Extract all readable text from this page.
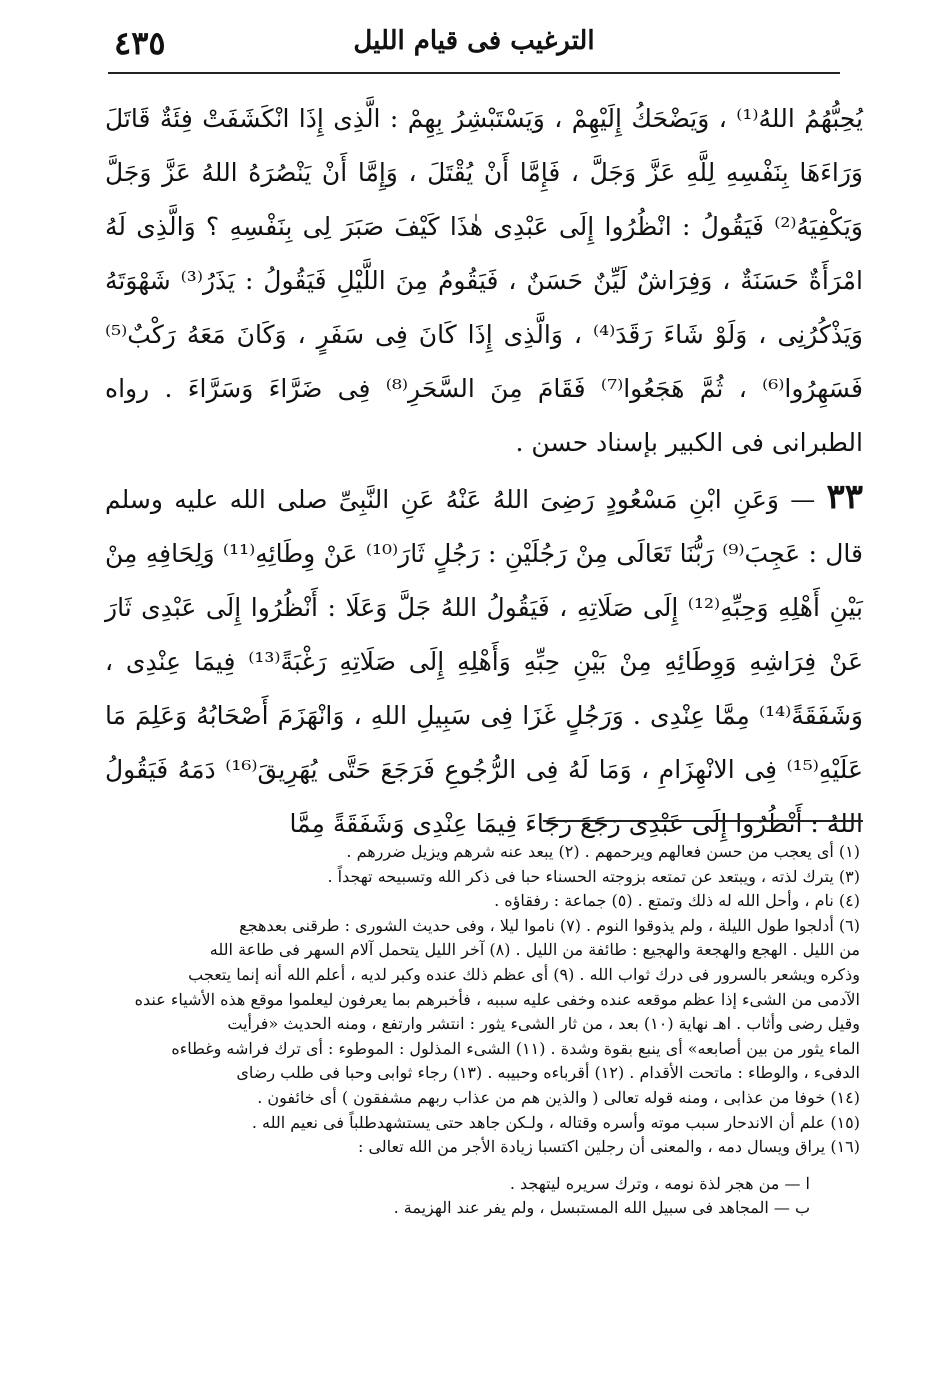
٤٣٥	الترغيب فى قيام الليل

يُحِبُّهُمُ اللهُ⁽¹⁾ ، وَيَضْحَكُ إِلَيْهِمْ ، وَيَسْتَبْشِرُ بِهِمْ : الَّذِى إِذَا انْكَشَفَتْ فِئَةٌ قَاتَلَ وَرَاءَهَا بِنَفْسِهِ لِلَّهِ عَزَّ وَجَلَّ ، فَإِمَّا أَنْ يُقْتَلَ ، وَإِمَّا أَنْ يَنْصُرَهُ اللهُ عَزَّ وَجَلَّ وَيَكْفِيَهُ⁽²⁾ فَيَقُولُ : انْظُرُوا إِلَى عَبْدِى هٰذَا كَيْفَ صَبَرَ لِى بِنَفْسِهِ ؟ وَالَّذِى لَهُ امْرَأَةٌ حَسَنَةٌ ، وَفِرَاشٌ لَيِّنٌ حَسَنٌ ، فَيَقُومُ مِنَ اللَّيْلِ فَيَقُولُ : يَذَرُ⁽³⁾ شَهْوَتَهُ وَيَذْكُرُنِى ، وَلَوْ شَاءَ رَقَدَ⁽⁴⁾ ، وَالَّذِى إِذَا كَانَ فِى سَفَرٍ ، وَكَانَ مَعَهُ رَكْبٌ⁽⁵⁾ فَسَهِرُوا⁽⁶⁾ ، ثُمَّ هَجَعُوا⁽⁷⁾ فَقَامَ مِنَ السَّحَرِ⁽⁸⁾ فِى ضَرَّاءَ وَسَرَّاءَ . رواه الطبرانى فى الكبير بإسناد حسن .

٣٣ — وَعَنِ ابْنِ مَسْعُودٍ رَضِىَ اللهُ عَنْهُ عَنِ النَّبِىِّ صلى الله عليه وسلم قال : عَجِبَ⁽⁹⁾ رَبُّنَا تَعَالَى مِنْ رَجُلَيْنِ : رَجُلٍ ثَارَ⁽¹⁰⁾ عَنْ وِطَائِهِ⁽¹¹⁾ وَلِحَافِهِ مِنْ بَيْنِ أَهْلِهِ وَحِبِّهِ⁽¹²⁾ إِلَى صَلَاتِهِ ، فَيَقُولُ اللهُ جَلَّ وَعَلَا : أَنْظُرُوا إِلَى عَبْدِى ثَارَ عَنْ فِرَاشِهِ وَوِطَائِهِ مِنْ بَيْنِ حِبِّهِ وَأَهْلِهِ إِلَى صَلَاتِهِ رَغْبَةً⁽¹³⁾ فِيمَا عِنْدِى ، وَشَفَقَةً⁽¹⁴⁾ مِمَّا عِنْدِى . وَرَجُلٍ غَزَا فِى سَبِيلِ اللهِ ، وَانْهَزَمَ أَصْحَابُهُ وَعَلِمَ مَا عَلَيْهِ⁽¹⁵⁾ فِى الانْهِزَامِ ، وَمَا لَهُ فِى الرُّجُوعِ فَرَجَعَ حَتَّى يُهَرِيقَ⁽¹⁶⁾ دَمَهُ فَيَقُولُ اللهُ : أَنْظُرُوا إِلَى عَبْدِى رَجَعَ رَجَاءَ فِيمَا عِنْدِى وَشَفَقَةً مِمَّا

(١) أى يعجب من حسن فعالهم ويرحمهم . (٢) يبعد عنه شرهم ويزيل ضررهم .

(٣) يترك لذته ، ويبتعد عن تمتعه بزوجته الحسناء حبا فى ذكر الله وتسبيحه تهجداً .

(٤) نام ، وأحل الله له ذلك وتمتع . (٥) جماعة : رفقاؤه .

(٦) أدلجوا طول الليلة ، ولم يذوقوا النوم . (٧) ناموا ليلا ، وفى حديث الشورى : طرقنى بعدهجع

من الليل . الهجع والهجعة والهجيع : طائفة من الليل . (٨) آخر الليل يتحمل آلام السهر فى طاعة الله

وذكره ويشعر بالسرور فى درك ثواب الله . (٩) أى عظم ذلك عنده وكبر لديه ، أعلم الله أنه إنما يتعجب

الآدمى من الشىء إذا عظم موقعه عنده وخفى عليه سببه ، فأخبرهم بما يعرفون ليعلموا موقع هذه الأشياء عنده

وقيل رضى وأثاب . اهـ نهاية (١٠) بعد ، من ثار الشىء يثور : انتشر وارتفع ، ومنه الحديث «فرأيت

الماء يثور من بين أصابعه» أى ينبع بقوة وشدة . (١١) الشىء المذلول : الموطوء : أى ترك فراشه وغطاءه

الدفىء ، والوطاء : ماتحت الأقدام . (١٢) أقرباءه وحبيبه . (١٣) رجاء ثوابى وحبا فى طلب رضاى

(١٤) خوفا من عذابى ، ومنه قوله تعالى ( والذين هم من عذاب ربهم مشفقون ) أى خائفون .

(١٥) علم أن الاندحار سبب موته وأسره وقتاله ، ولـكن جاهد حتى يستشهدطلباً فى نعيم الله .

(١٦) يراق ويسال دمه ، والمعنى أن رجلين اكتسبا زيادة الأجر من الله تعالى :

ا — من هجر لذة نومه ، وترك سريره ليتهجد .

ب — المجاهد فى سبيل الله المستبسل ، ولم يفر عند الهزيمة .
